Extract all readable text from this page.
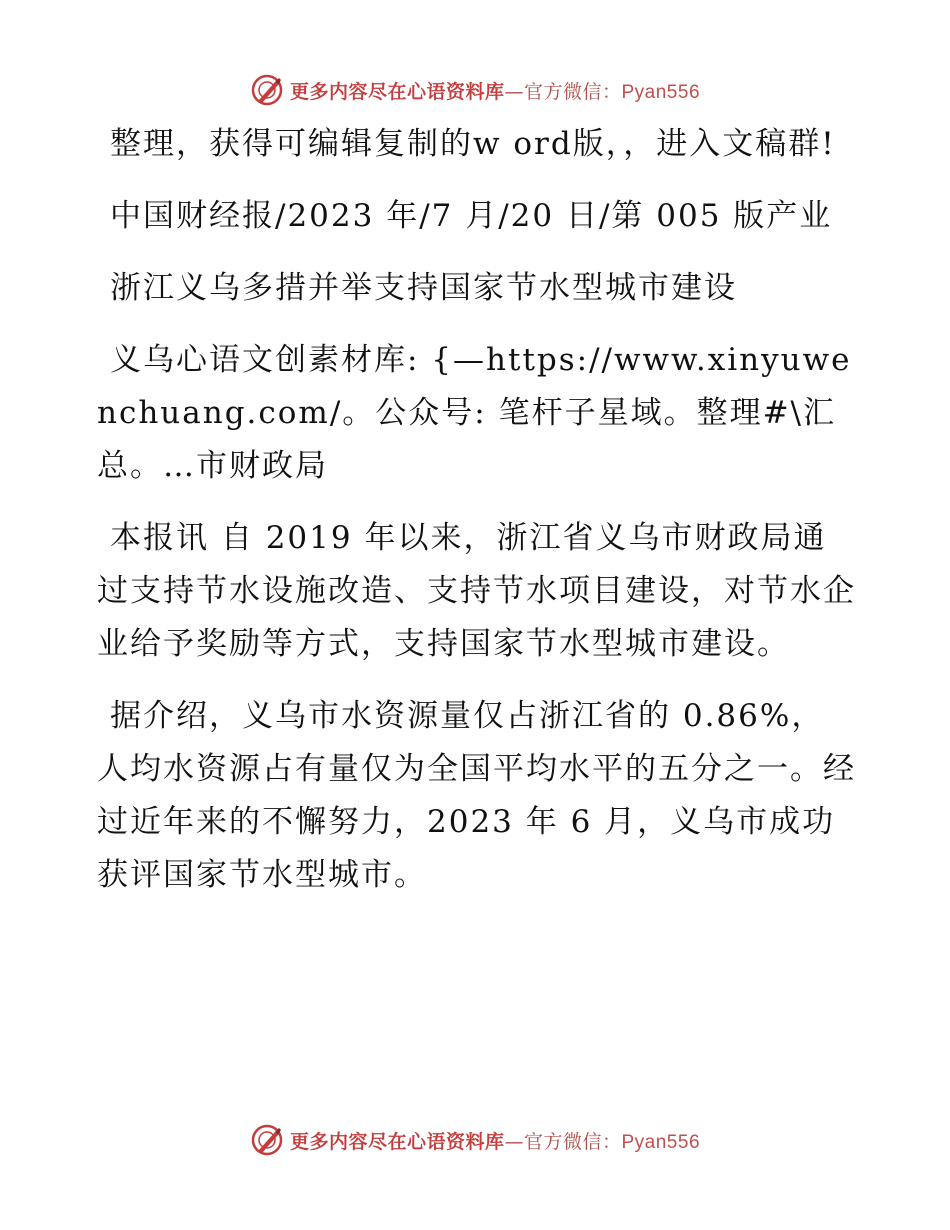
更多内容尽在心语资料库—官方微信：Pyan556

整理，获得可编辑复制的w ord版，，进入文稿群!

中国财经报/2023 年/7 月/20 日/第 005 版产业

浙江义乌多措并举支持国家节水型城市建设

义乌心语文创素材库: {—https://www.xinyuwenchuang.com/。公众号: 笔杆子星域。整理#\汇总。…市财政局

本报讯 自 2019 年以来，浙江省义乌市财政局通过支持节水设施改造、支持节水项目建设，对节水企业给予奖励等方式，支持国家节水型城市建设。

据介绍，义乌市水资源量仅占浙江省的 0.86%，人均水资源占有量仅为全国平均水平的五分之一。经过近年来的不懈努力，2023 年 6 月，义乌市成功获评国家节水型城市。

更多内容尽在心语资料库—官方微信：Pyan556
